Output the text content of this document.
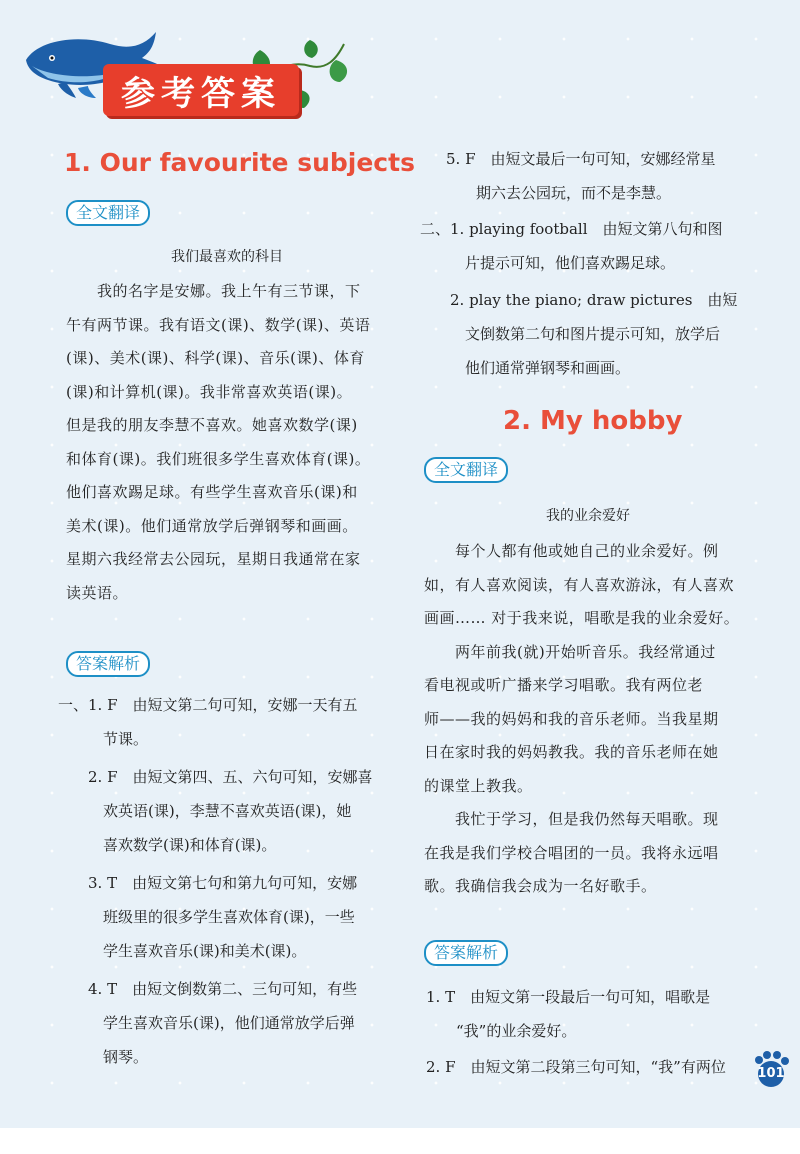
参考答案
1. Our favourite subjects
全文翻译
我们最喜欢的科目
　　我的名字是安娜。我上午有三节课，下
午有两节课。我有语文(课)、数学(课)、英语
(课)、美术(课)、科学(课)、音乐(课)、体育
(课)和计算机(课)。我非常喜欢英语(课)。
但是我的朋友李慧不喜欢。她喜欢数学(课)
和体育(课)。我们班很多学生喜欢体育(课)。
他们喜欢踢足球。有些学生喜欢音乐(课)和
美术(课)。他们通常放学后弹钢琴和画画。
星期六我经常去公园玩，星期日我通常在家
读英语。
答案解析
一、1. F　由短文第二句可知，安娜一天有五
　　　节课。
　　2. F　由短文第四、五、六句可知，安娜喜
　　　欢英语(课)，李慧不喜欢英语(课)，她
　　　喜欢数学(课)和体育(课)。
　　3. T　由短文第七句和第九句可知，安娜
　　　班级里的很多学生喜欢体育(课)，一些
　　　学生喜欢音乐(课)和美术(课)。
　　4. T　由短文倒数第二、三句可知，有些
　　　学生喜欢音乐(课)，他们通常放学后弹
　　　钢琴。
5. F　由短文最后一句可知，安娜经常星
　　期六去公园玩，而不是李慧。
二、1. playing football　由短文第八句和图
　　　片提示可知，他们喜欢踢足球。
　　2. play the piano; draw pictures　由短
　　　文倒数第二句和图片提示可知，放学后
　　　他们通常弹钢琴和画画。
2. My hobby
全文翻译
我的业余爱好
　　每个人都有他或她自己的业余爱好。例
如，有人喜欢阅读，有人喜欢游泳，有人喜欢
画画…… 对于我来说，唱歌是我的业余爱好。
　　两年前我(就)开始听音乐。我经常通过
看电视或听广播来学习唱歌。我有两位老
师——我的妈妈和我的音乐老师。当我星期
日在家时我的妈妈教我。我的音乐老师在她
的课堂上教我。
　　我忙于学习，但是我仍然每天唱歌。现
在我是我们学校合唱团的一员。我将永远唱
歌。我确信我会成为一名好歌手。
答案解析
1. T　由短文第一段最后一句可知，唱歌是
　　“我”的业余爱好。
2. F　由短文第二段第三句可知，“我”有两位	101
